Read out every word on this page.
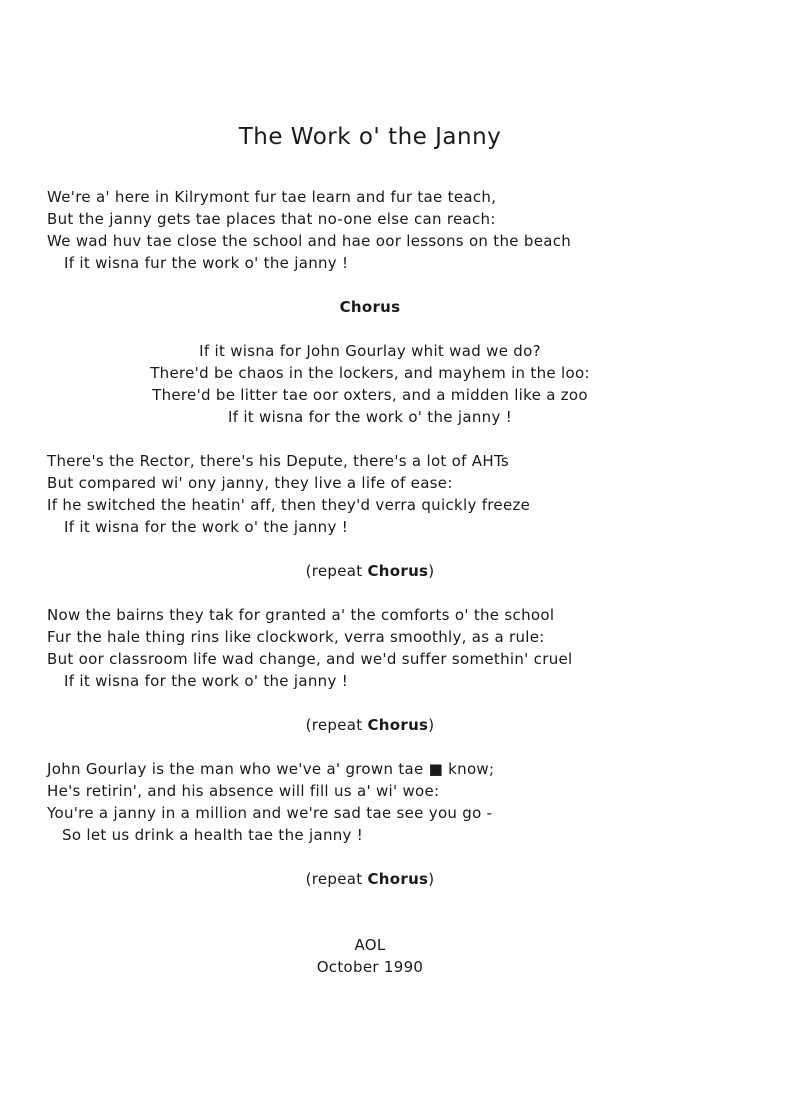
The Work o' the Janny
We're a' here in Kilrymont fur tae learn and fur tae teach,
But the janny gets tae places that no-one else can reach:
We wad huv tae close the school and hae oor lessons on the beach
If it wisna fur the work o' the janny !
Chorus
If it wisna for John Gourlay whit wad we do?
There'd be chaos in the lockers, and mayhem in the loo:
There'd be litter tae oor oxters, and a midden like a zoo
If it wisna for the work o' the janny !
There's the Rector, there's his Depute, there's a lot of AHTs
But compared wi' ony janny, they live a life of ease:
If he switched the heatin' aff, then they'd verra quickly freeze
If it wisna for the work o' the janny !
(repeat Chorus)
Now the bairns they tak for granted a' the comforts o' the school
Fur the hale thing rins like clockwork, verra smoothly, as a rule:
But oor classroom life wad change, and we'd suffer somethin' cruel
If it wisna for the work o' the janny !
(repeat Chorus)
John Gourlay is the man who we've a' grown tae ■ know;
He's retirin', and his absence will fill us a' wi' woe:
You're a janny in a million and we're sad tae see you go -
So let us drink a health tae the janny !
(repeat Chorus)
AOL
October 1990
